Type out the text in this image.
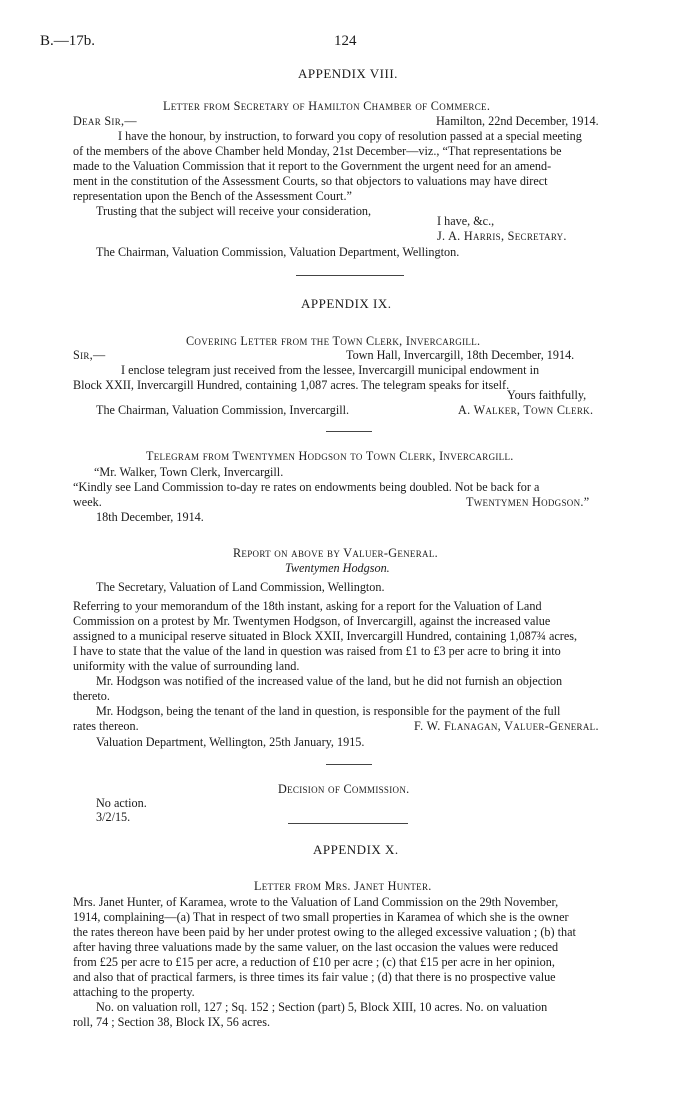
B.—17b.	124
APPENDIX VIII.
Letter from Secretary of Hamilton Chamber of Commerce.
Dear Sir,—	Hamilton, 22nd December, 1914.
I have the honour, by instruction, to forward you copy of resolution passed at a special meeting
of the members of the above Chamber held Monday, 21st December—viz., “That representations be
made to the Valuation Commission that it report to the Government the urgent need for an amend-
ment in the constitution of the Assessment Courts, so that objectors to valuations may have direct
representation upon the Bench of the Assessment Court.”
Trusting that the subject will receive your consideration,
I have, &c.,
J. A. Harris, Secretary.
The Chairman, Valuation Commission, Valuation Department, Wellington.
APPENDIX IX.
Covering Letter from the Town Clerk, Invercargill.
Sir,—	Town Hall, Invercargill, 18th December, 1914.
I enclose telegram just received from the lessee, Invercargill municipal endowment in
Block XXII, Invercargill Hundred, containing 1,087 acres. The telegram speaks for itself.
Yours faithfully,
The Chairman, Valuation Commission, Invercargill.	A. Walker, Town Clerk.
Telegram from Twentymen Hodgson to Town Clerk, Invercargill.
“Mr. Walker, Town Clerk, Invercargill.
“Kindly see Land Commission to-day re rates on endowments being doubled. Not be back for a
week.	Twentymen Hodgson.”
18th December, 1914.
Report on above by Valuer-General.
Twentymen Hodgson.
The Secretary, Valuation of Land Commission, Wellington.
Referring to your memorandum of the 18th instant, asking for a report for the Valuation of Land
Commission on a protest by Mr. Twentymen Hodgson, of Invercargill, against the increased value
assigned to a municipal reserve situated in Block XXII, Invercargill Hundred, containing 1,087¾ acres,
I have to state that the value of the land in question was raised from £1 to £3 per acre to bring it into
uniformity with the value of surrounding land.
Mr. Hodgson was notified of the increased value of the land, but he did not furnish an objection
thereto.
Mr. Hodgson, being the tenant of the land in question, is responsible for the payment of the full
rates thereon.	F. W. Flanagan, Valuer-General.
Valuation Department, Wellington, 25th January, 1915.
Decision of Commission.
No action.
3/2/15.
APPENDIX X.
Letter from Mrs. Janet Hunter.
Mrs. Janet Hunter, of Karamea, wrote to the Valuation of Land Commission on the 29th November,
1914, complaining—(a) That in respect of two small properties in Karamea of which she is the owner
the rates thereon have been paid by her under protest owing to the alleged excessive valuation ; (b) that
after having three valuations made by the same valuer, on the last occasion the values were reduced
from £25 per acre to £15 per acre, a reduction of £10 per acre ; (c) that £15 per acre in her opinion,
and also that of practical farmers, is three times its fair value ; (d) that there is no prospective value
attaching to the property.
No. on valuation roll, 127 ; Sq. 152 ; Section (part) 5, Block XIII, 10 acres. No. on valuation
roll, 74 ; Section 38, Block IX, 56 acres.
